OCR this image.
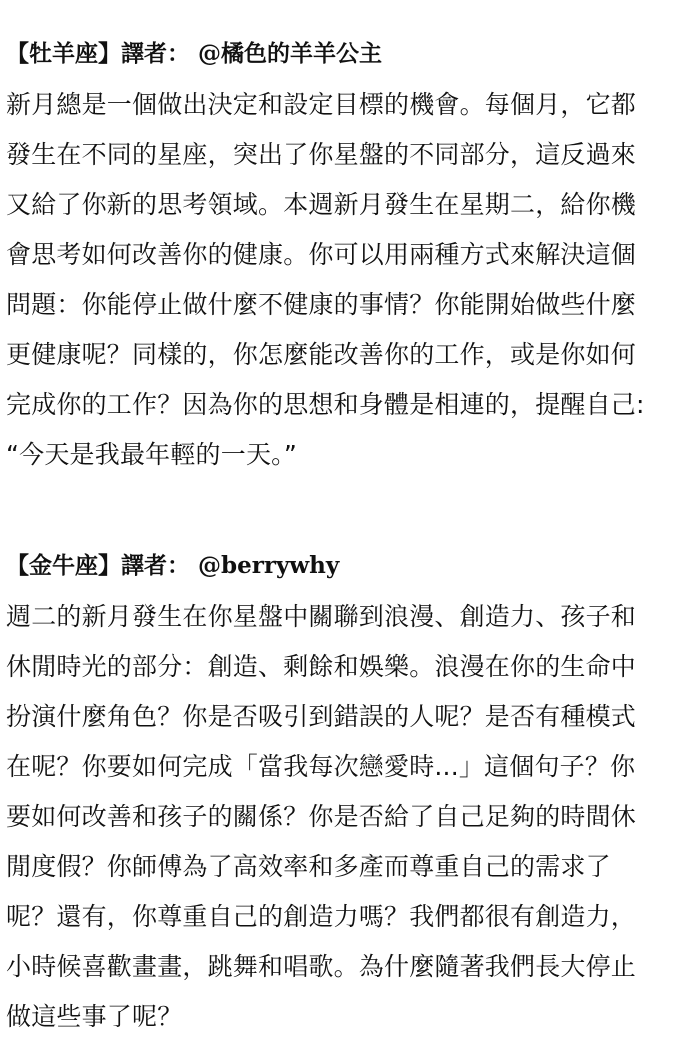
【牡羊座】譯者： @橘色的羊羊公主
新月總是一個做出決定和設定目標的機會。每個月，它都
發生在不同的星座，突出了你星盤的不同部分，這反過來
又給了你新的思考領域。本週新月發生在星期二，給你機
會思考如何改善你的健康。你可以用兩種方式來解決這個
問題：你能停止做什麼不健康的事情？你能開始做些什麼
更健康呢？同樣的，你怎麼能改善你的工作，或是你如何
完成你的工作？因為你的思想和身體是相連的，提醒自己:
“今天是我最年輕的一天。”
【金牛座】譯者： @berrywhy
週二的新月發生在你星盤中關聯到浪漫、創造力、孩子和
休閒時光的部分：創造、剩餘和娛樂。浪漫在你的生命中
扮演什麼角色？你是否吸引到錯誤的人呢？是否有種模式
在呢？你要如何完成「當我每次戀愛時...」這個句子？你
要如何改善和孩子的關係？你是否給了自己足夠的時間休
閒度假？你師傅為了高效率和多產而尊重自己的需求了
呢？還有，你尊重自己的創造力嗎？我們都很有創造力，
小時候喜歡畫畫，跳舞和唱歌。為什麼隨著我們長大停止
做這些事了呢？
